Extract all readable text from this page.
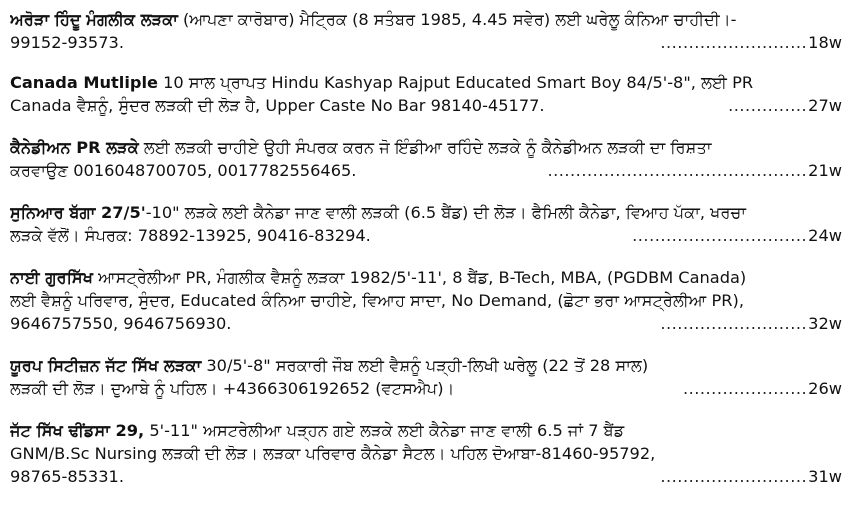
ਅਰੋੜਾ ਹਿੰਦੂ ਮੰਗਲੀਕ ਲੜਕਾ (ਆਪਣਾ ਕਾਰੋਬਾਰ) ਮੈਟ੍ਰਿਕ (8 ਸਤੰਬਰ 1985, 4.45 ਸਵੇਰ) ਲਈ ਘਰੇਲੂ ਕੰਨਿਆ ਚਾਹੀਦੀ।-
99152-93573.	.......................... 18w
Canada Mutliple 10 ਸਾਲ ਪ੍ਰਾਪਤ Hindu Kashyap Rajput Educated Smart Boy 84/5'-8", ਲਈ PR
Canada ਵੈਸ਼ਨੂੰ, ਸੁੰਦਰ ਲੜਕੀ ਦੀ ਲੋੜ ਹੈ, Upper Caste No Bar 98140-45177.	.............. 27w
ਕੈਨੇਡੀਅਨ PR ਲੜਕੇ ਲਈ ਲੜਕੀ ਚਾਹੀਏ ਉਹੀ ਸੰਪਰਕ ਕਰਨ ਜੋ ਇੰਡੀਆ ਰਹਿੰਦੇ ਲੜਕੇ ਨੂੰ ਕੈਨੇਡੀਅਨ ਲੜਕੀ ਦਾ ਰਿਸ਼ਤਾ
ਕਰਵਾਉਣ 0016048700705, 0017782556465.	.............................................. 21w
ਸੁਨਿਆਰ ਬੱਗਾ 27/5'-10" ਲੜਕੇ ਲਈ ਕੈਨੇਡਾ ਜਾਣ ਵਾਲੀ ਲੜਕੀ (6.5 ਬੈਂਡ) ਦੀ ਲੋੜ। ਫੈਮਿਲੀ ਕੈਨੇਡਾ, ਵਿਆਹ ਪੱਕਾ, ਖਰਚਾ
ਲੜਕੇ ਵੱਲੋਂ। ਸੰਪਰਕ: 78892-13925, 90416-83294.	............................... 24w
ਨਾਈ ਗੁਰਸਿੱਖ ਆਸਟ੍ਰੇਲੀਆ PR, ਮੰਗਲੀਕ ਵੈਸ਼ਨੂੰ ਲੜਕਾ 1982/5'-11', 8 ਬੈਂਡ, B-Tech, MBA, (PGDBM Canada)
ਲਈ ਵੈਸ਼ਨੂੰ ਪਰਿਵਾਰ, ਸੁੰਦਰ, Educated ਕੰਨਿਆ ਚਾਹੀਏ, ਵਿਆਹ ਸਾਦਾ, No Demand, (ਛੋਟਾ ਭਰਾ ਆਸਟ੍ਰੇਲੀਆ PR),
9646757550, 9646756930.	.......................... 32w
ਯੂਰਪ ਸਿਟੀਜ਼ਨ ਜੱਟ ਸਿੱਖ ਲੜਕਾ 30/5'-8" ਸਰਕਾਰੀ ਜੌਬ ਲਈ ਵੈਸ਼ਨੂੰ ਪੜ੍ਹੀ-ਲਿਖੀ ਘਰੇਲੂ (22 ਤੋਂ 28 ਸਾਲ)
ਲੜਕੀ ਦੀ ਲੋੜ। ਦੁਆਬੇ ਨੂੰ ਪਹਿਲ। +4366306192652 (ਵਟਸਐਪ)।	...................... 26w
ਜੱਟ ਸਿੱਖ ਢੀਂਡਸਾ 29, 5'-11" ਅਸਟਰੇਲੀਆ ਪੜ੍ਹਨ ਗਏ ਲੜਕੇ ਲਈ ਕੈਨੇਡਾ ਜਾਣ ਵਾਲੀ 6.5 ਜਾਂ 7 ਬੈਂਡ
GNM/B.Sc Nursing ਲੜਕੀ ਦੀ ਲੋੜ। ਲੜਕਾ ਪਰਿਵਾਰ ਕੈਨੇਡਾ ਸੈਟਲ। ਪਹਿਲ ਦੋਆਬਾ-81460-95792,
98765-85331.	.......................... 31w
